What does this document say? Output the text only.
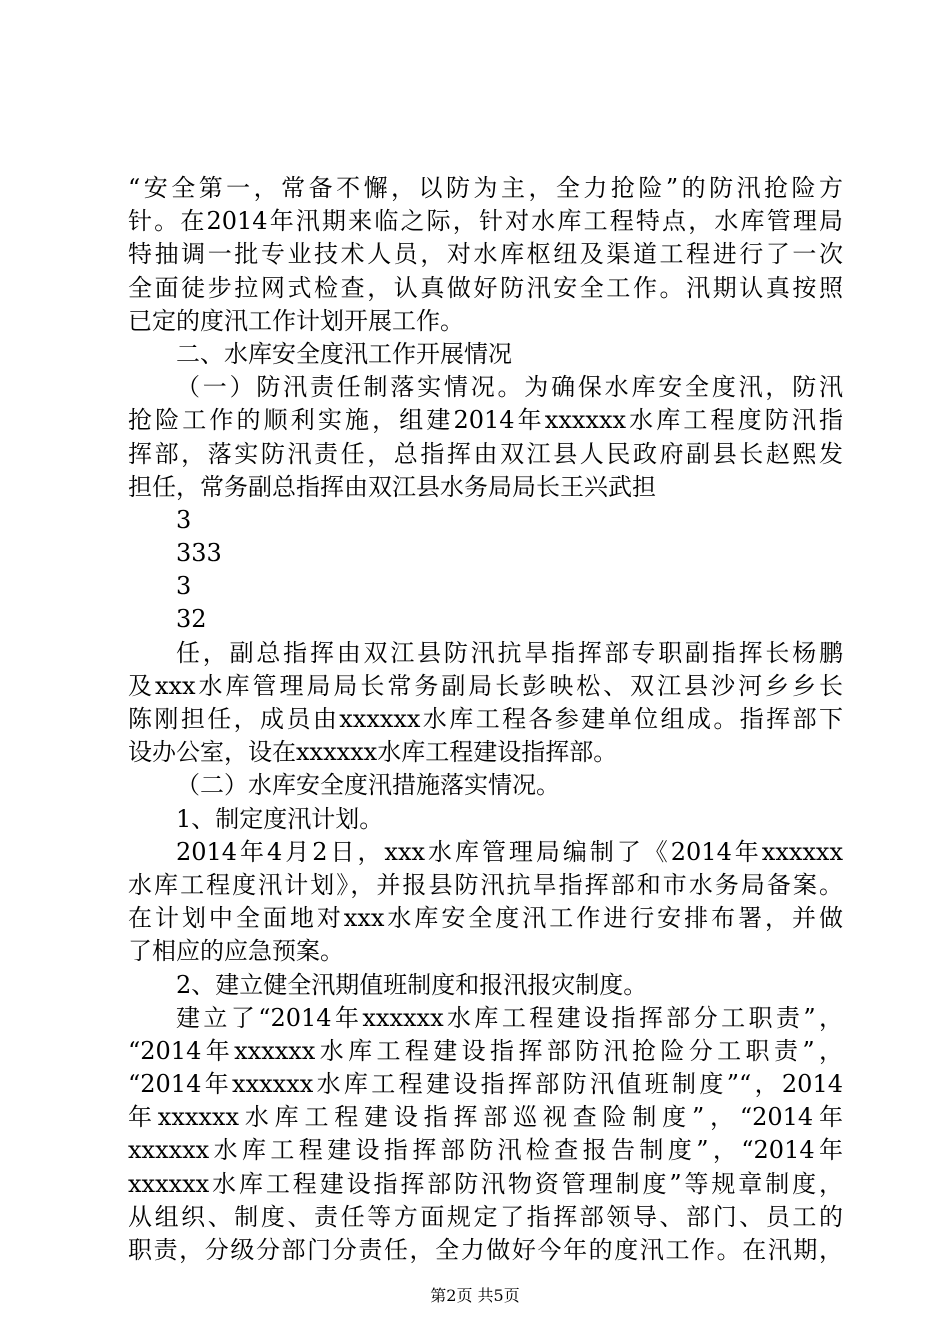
“安全第一，常备不懈，以防为主，全力抢险”的防汛抢险方
针。在2014年汛期来临之际，针对水库工程特点，水库管理局
特抽调一批专业技术人员，对水库枢纽及渠道工程进行了一次
全面徒步拉网式检查，认真做好防汛安全工作。汛期认真按照
已定的度汛工作计划开展工作。
二、水库安全度汛工作开展情况
（一）防汛责任制落实情况。为确保水库安全度汛，防汛
抢险工作的顺利实施，组建2014年xxxxxx水库工程度防汛指
挥部，落实防汛责任，总指挥由双江县人民政府副县长赵熙发
担任，常务副总指挥由双江县水务局局长王兴武担
3
333
3
32
任，副总指挥由双江县防汛抗旱指挥部专职副指挥长杨鹏
及xxx水库管理局局长常务副局长彭映松、双江县沙河乡乡长
陈刚担任，成员由xxxxxx水库工程各参建单位组成。指挥部下
设办公室，设在xxxxxx水库工程建设指挥部。
（二）水库安全度汛措施落实情况。
1、制定度汛计划。
2014年4月2日，xxx水库管理局编制了《2014年xxxxxx
水库工程度汛计划》，并报县防汛抗旱指挥部和市水务局备案。
在计划中全面地对xxx水库安全度汛工作进行安排布署，并做
了相应的应急预案。
2、建立健全汛期值班制度和报汛报灾制度。
建立了“2014年xxxxxx水库工程建设指挥部分工职责”，
“2014年xxxxxx水库工程建设指挥部防汛抢险分工职责”，
“2014年xxxxxx水库工程建设指挥部防汛值班制度”“，2014
年xxxxxx水库工程建设指挥部巡视查险制度”，“2014年
xxxxxx水库工程建设指挥部防汛检查报告制度”，“2014年
xxxxxx水库工程建设指挥部防汛物资管理制度”等规章制度，
从组织、制度、责任等方面规定了指挥部领导、部门、员工的
职责，分级分部门分责任，全力做好今年的度汛工作。在汛期，
第2页 共5页
